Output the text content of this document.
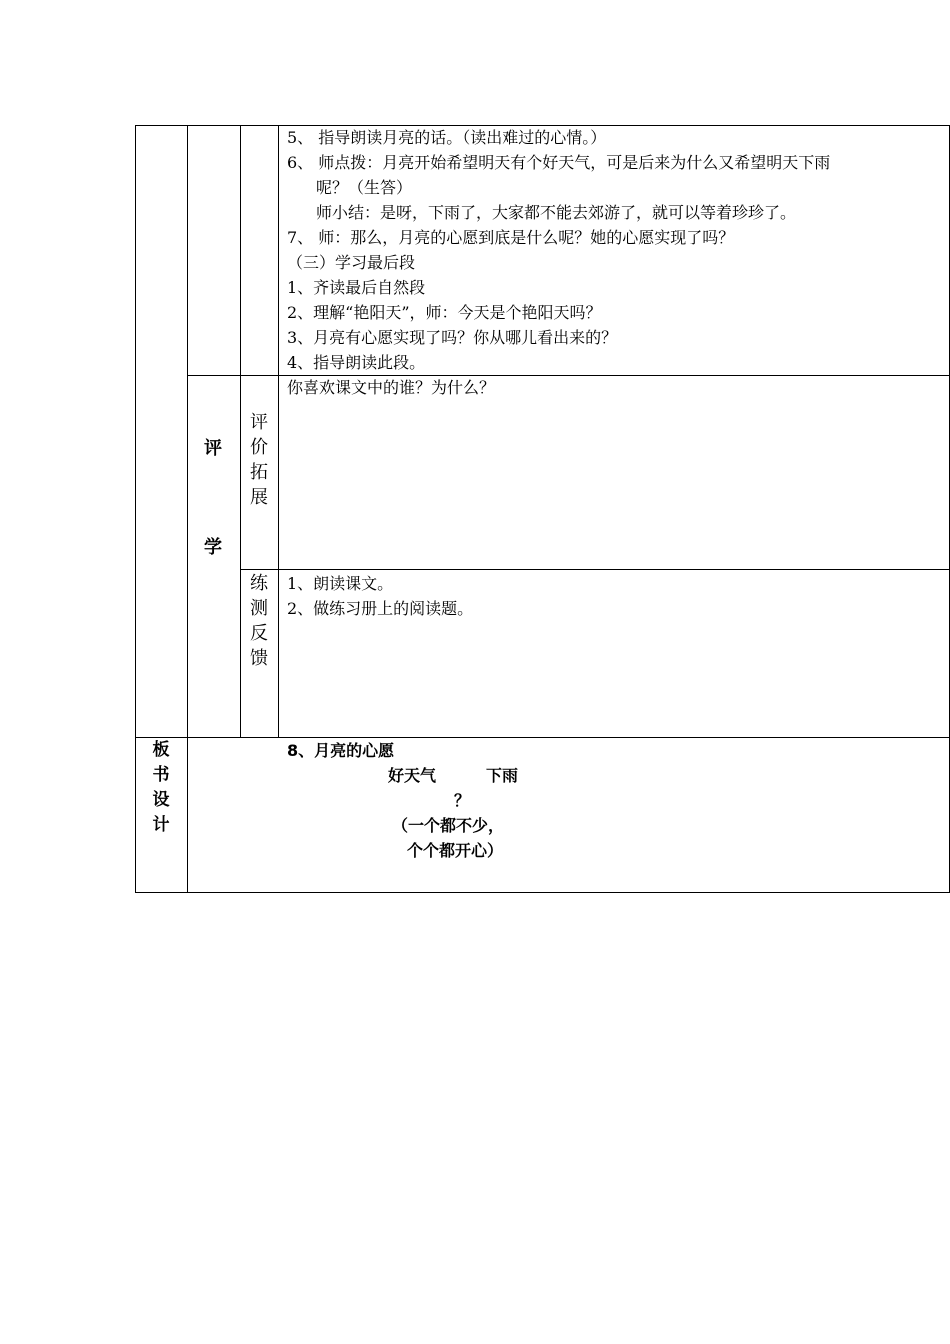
5、 指导朗读月亮的话。（读出难过的心情。）
6、 师点拨：月亮开始希望明天有个好天气，可是后来为什么又希望明天下雨
呢？（生答）
师小结：是呀，下雨了，大家都不能去郊游了，就可以等着珍珍了。
7、 师：那么，月亮的心愿到底是什么呢？她的心愿实现了吗？
（三）学习最后段
1、齐读最后自然段
2、理解“艳阳天”，师：今天是个艳阳天吗？
3、月亮有心愿实现了吗？你从哪儿看出来的？
4、指导朗读此段。
评
学
评
价
拓
展
你喜欢课文中的谁？为什么？
练
测
反
馈
1、朗读课文。
2、做练习册上的阅读题。
板
书
设
计
8、月亮的心愿
好天气	下雨
？
（一个都不少，
个个都开心）
